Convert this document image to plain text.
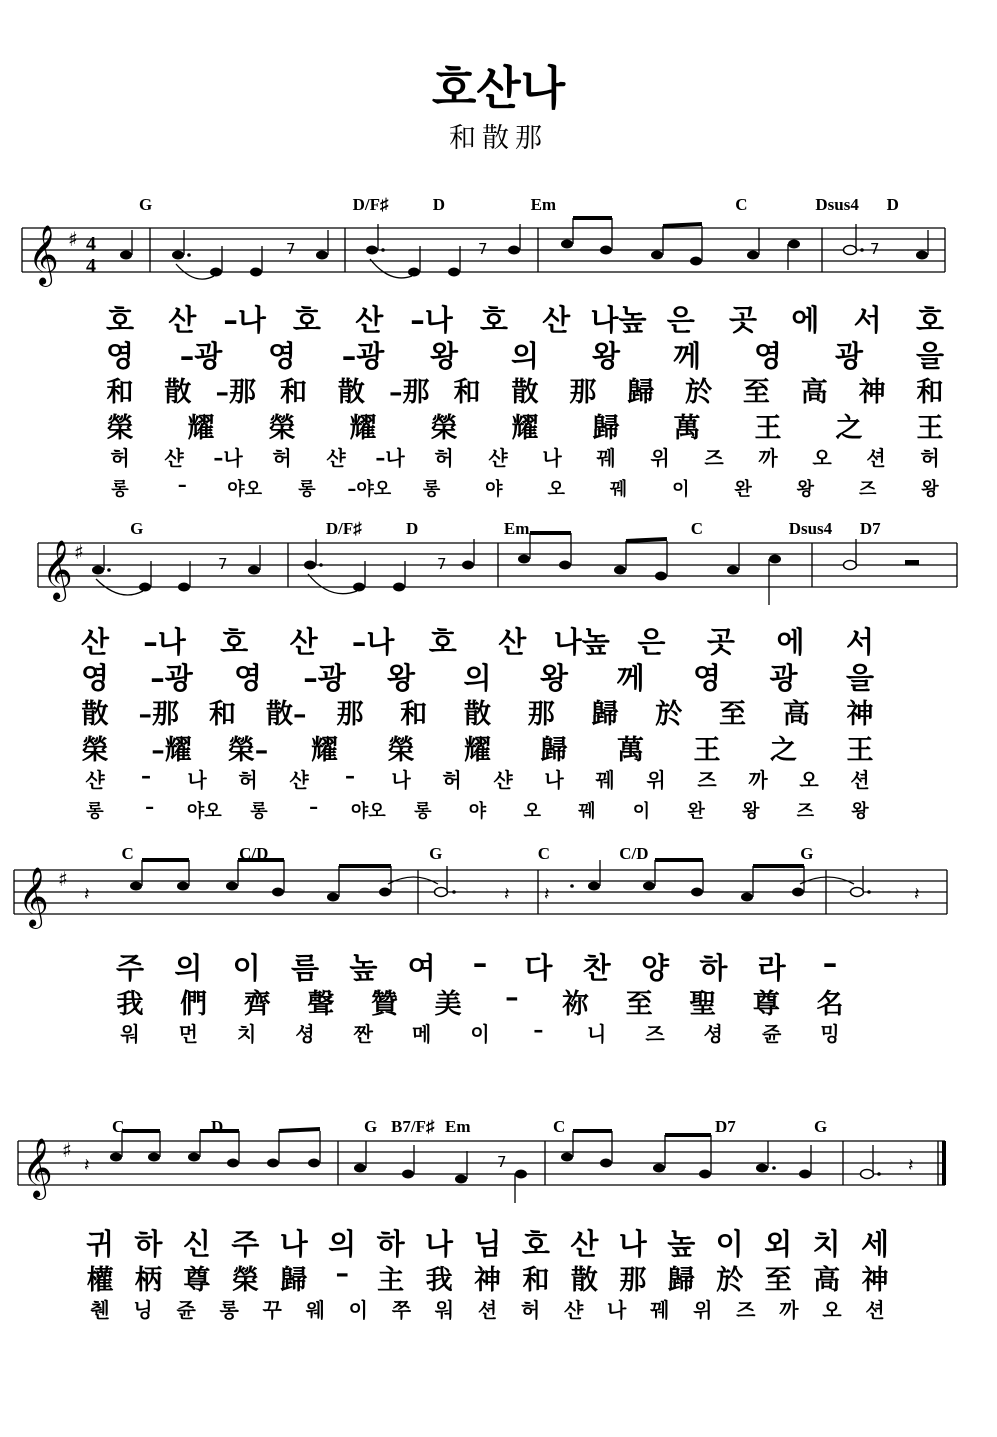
호산나
和散那
𝄞 ♯ 4
4
7	7
7
G	D/F♯	D	Em	C	Dsus4 D
호 산 –나 호 산 –나 호 산 나높 은 곳 에 서 호
영 –광 영 –광 왕 의 왕 께 영 광 을
和 散 –那 和 散 –那 和 散 那 歸 於 至 高 神 和
榮 耀 榮 耀 榮 耀 歸 萬 王 之 王
허 샨 –나 허 샨 –나 허 샨 나 꿰 위 즈 까 오 션 허
롱	– 야오 롱 –야오 롱 야 오 꿰 이 완 왕 즈 왕
𝄞 ♯	7	7
G	D/F♯	D	Em	C	Dsus4 D7
산 –나 호 산 –나 호 산 나높 은 곳 에 서
영 –광 영 –광 왕 의 왕 께 영 광 을
散 –那 和 散– 那 和 散 那 歸 於 至 高 神
榮 –耀 榮– 耀 榮 耀 歸 萬 王 之 王
샨 – 나 허 샨 – 나 허 샨 나 꿰 위 즈 까 오 션
롱 – 야오 롱 – 야오 롱 야 오 꿰 이 완 왕 즈 왕
𝄞 ♯
𝄽	𝄽 𝄽	𝄽
C	C/D	G	C	C/D	G
주 의 이 름 높 여 – 다 찬 양 하 라 –
我 們 齊 聲 贊 美 – 祢 至 聖 尊 名
워 먼 치 셩 짠 메 이 – 니 즈 셩 쥰 밍
𝄞 ♯
𝄽	𝄽
7
C	D	G B7/F♯ Em	C	D7	G
귀 하 신 주 나 의 하 나 님 호 산 나 높 이 외 치 세
權 柄 尊 榮 歸 – 主 我 神 和 散 那 歸 於 至 高 神
췐 닝 쥰 롱 꾸 웨 이 쭈 워 션 허 샨 나 꿰 위 즈 까 오 션
